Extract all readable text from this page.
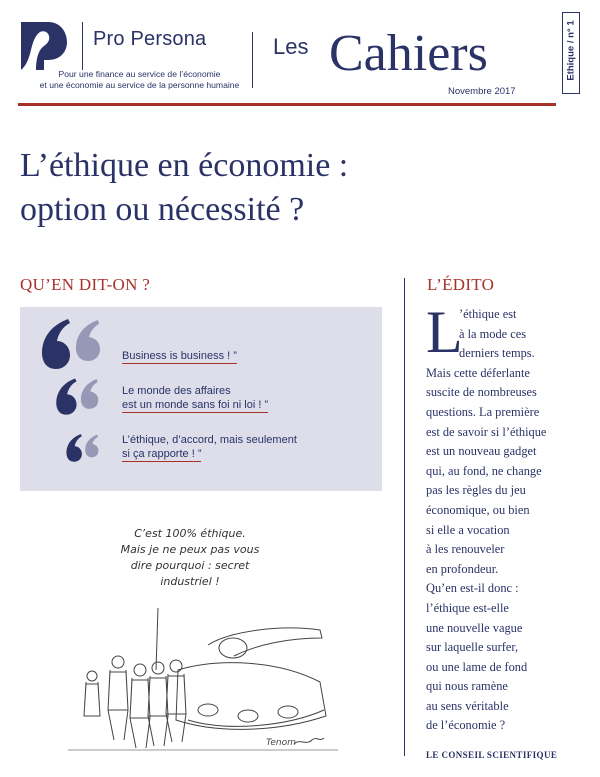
Pro Persona
Pour une finance au service de l’économie
et une économie au service de la personne humaine
Les Cahiers
Novembre 2017
Ethique / n° 1
L’éthique en économie :
option ou nécessité ?
QU’EN DIT-ON ?
Business is business ! ”
Le monde des affaires
est un monde sans foi ni loi ! ”
L’éthique, d’accord, mais seulement
si ça rapporte ! ”
C’est 100% éthique.
Mais je ne peux pas vous
dire pourquoi : secret
industriel !
Tenom
L’ÉDITO
L
’éthique est
à la mode ces
derniers temps.
Mais cette déferlante
suscite de nombreuses
questions. La première
est de savoir si l’éthique
est un nouveau gadget
qui, au fond, ne change
pas les règles du jeu
économique, ou bien
si elle a vocation
à les renouveler
en profondeur.
Qu’en est-il donc :
l’éthique est-elle
une nouvelle vague
sur laquelle surfer,
ou une lame de fond
qui nous ramène
au sens véritable
de l’économie ?
LE CONSEIL SCIENTIFIQUE
